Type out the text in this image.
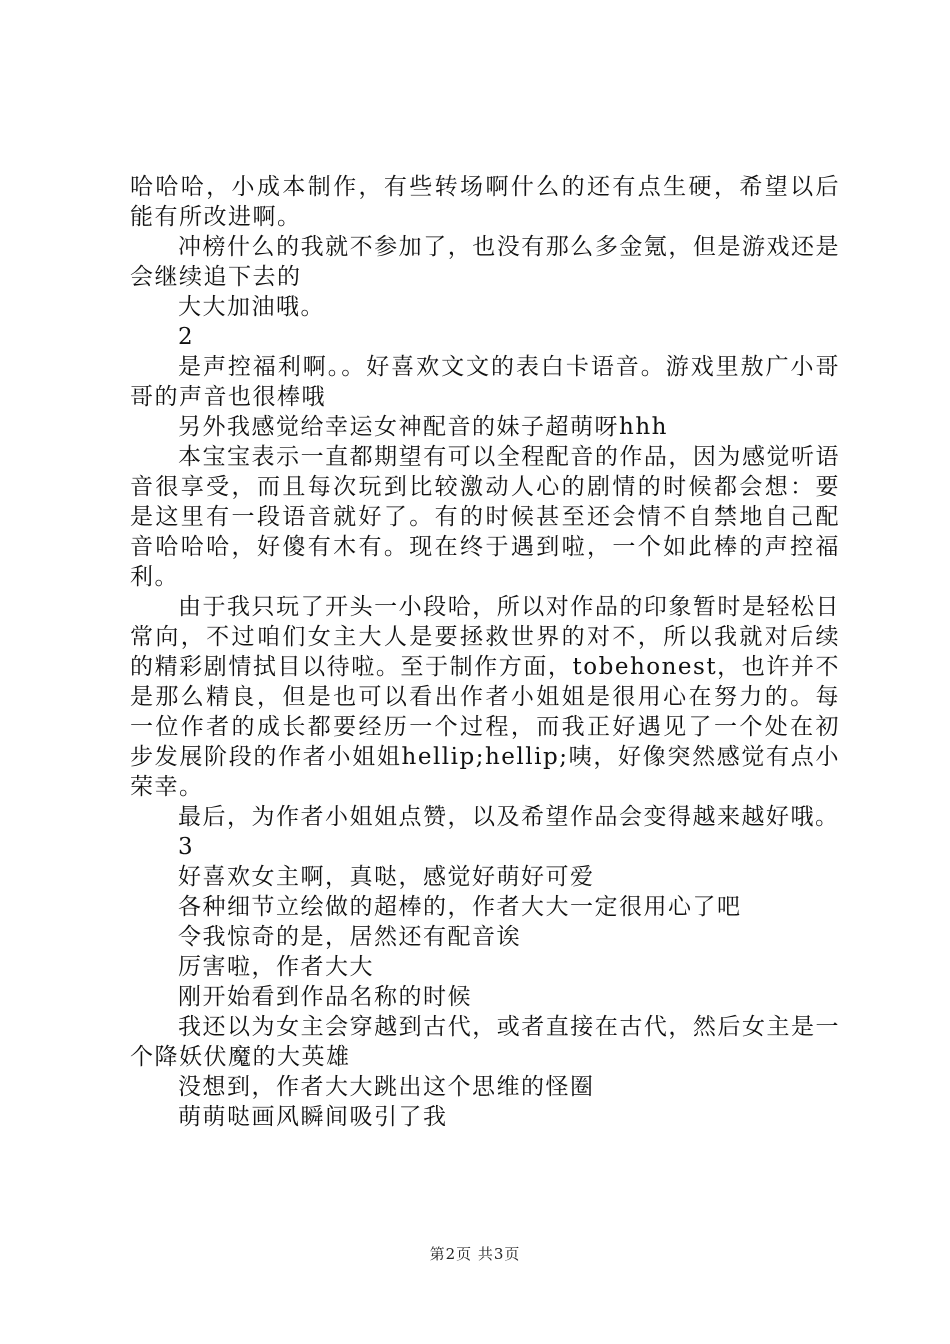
哈哈哈，小成本制作，有些转场啊什么的还有点生硬，希望以后能有所改进啊。

冲榜什么的我就不参加了，也没有那么多金氪，但是游戏还是会继续追下去的

大大加油哦。

2

是声控福利啊。。好喜欢文文的表白卡语音。游戏里敖广小哥哥的声音也很棒哦

另外我感觉给幸运女神配音的妹子超萌呀hhh

本宝宝表示一直都期望有可以全程配音的作品，因为感觉听语音很享受，而且每次玩到比较激动人心的剧情的时候都会想：要是这里有一段语音就好了。有的时候甚至还会情不自禁地自己配音哈哈哈，好傻有木有。现在终于遇到啦，一个如此棒的声控福利。

由于我只玩了开头一小段哈，所以对作品的印象暂时是轻松日常向，不过咱们女主大人是要拯救世界的对不，所以我就对后续的精彩剧情拭目以待啦。至于制作方面，tobehonest，也许并不是那么精良，但是也可以看出作者小姐姐是很用心在努力的。每一位作者的成长都要经历一个过程，而我正好遇见了一个处在初步发展阶段的作者小姐姐hellip;hellip;咦，好像突然感觉有点小荣幸。

最后，为作者小姐姐点赞，以及希望作品会变得越来越好哦。

3

好喜欢女主啊，真哒，感觉好萌好可爱

各种细节立绘做的超棒的，作者大大一定很用心了吧

令我惊奇的是，居然还有配音诶

厉害啦，作者大大

刚开始看到作品名称的时候

我还以为女主会穿越到古代，或者直接在古代，然后女主是一个降妖伏魔的大英雄

没想到，作者大大跳出这个思维的怪圈

萌萌哒画风瞬间吸引了我

第2页 共3页
